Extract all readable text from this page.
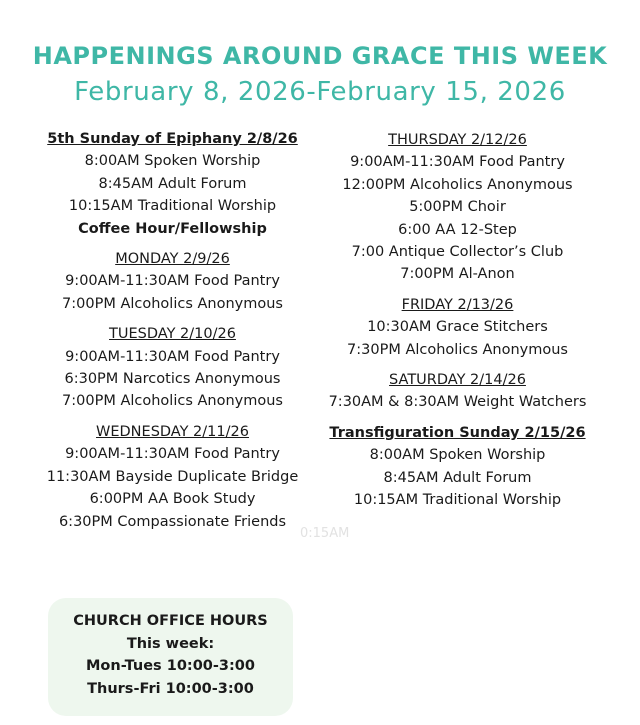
HAPPENINGS AROUND GRACE THIS WEEK
February 8, 2026-February 15, 2026
5th Sunday of Epiphany 2/8/26
8:00AM Spoken Worship
8:45AM Adult Forum
10:15AM Traditional Worship
Coffee Hour/Fellowship
MONDAY 2/9/26
9:00AM-11:30AM Food Pantry
7:00PM Alcoholics Anonymous
TUESDAY 2/10/26
9:00AM-11:30AM Food Pantry
6:30PM Narcotics Anonymous
7:00PM Alcoholics Anonymous
WEDNESDAY 2/11/26
9:00AM-11:30AM Food Pantry
11:30AM Bayside Duplicate Bridge
6:00PM AA Book Study
6:30PM Compassionate Friends
THURSDAY 2/12/26
9:00AM-11:30AM Food Pantry
12:00PM Alcoholics Anonymous
5:00PM Choir
6:00 AA 12-Step
7:00 Antique Collector’s Club
7:00PM Al-Anon
FRIDAY 2/13/26
10:30AM Grace Stitchers
7:30PM Alcoholics Anonymous
SATURDAY 2/14/26
7:30AM & 8:30AM Weight Watchers
Transfiguration Sunday 2/15/26
8:00AM Spoken Worship
8:45AM Adult Forum
10:15AM Traditional Worship
0:15AM
CHURCH OFFICE HOURS
This week:
Mon-Tues 10:00-3:00
Thurs-Fri 10:00-3:00
